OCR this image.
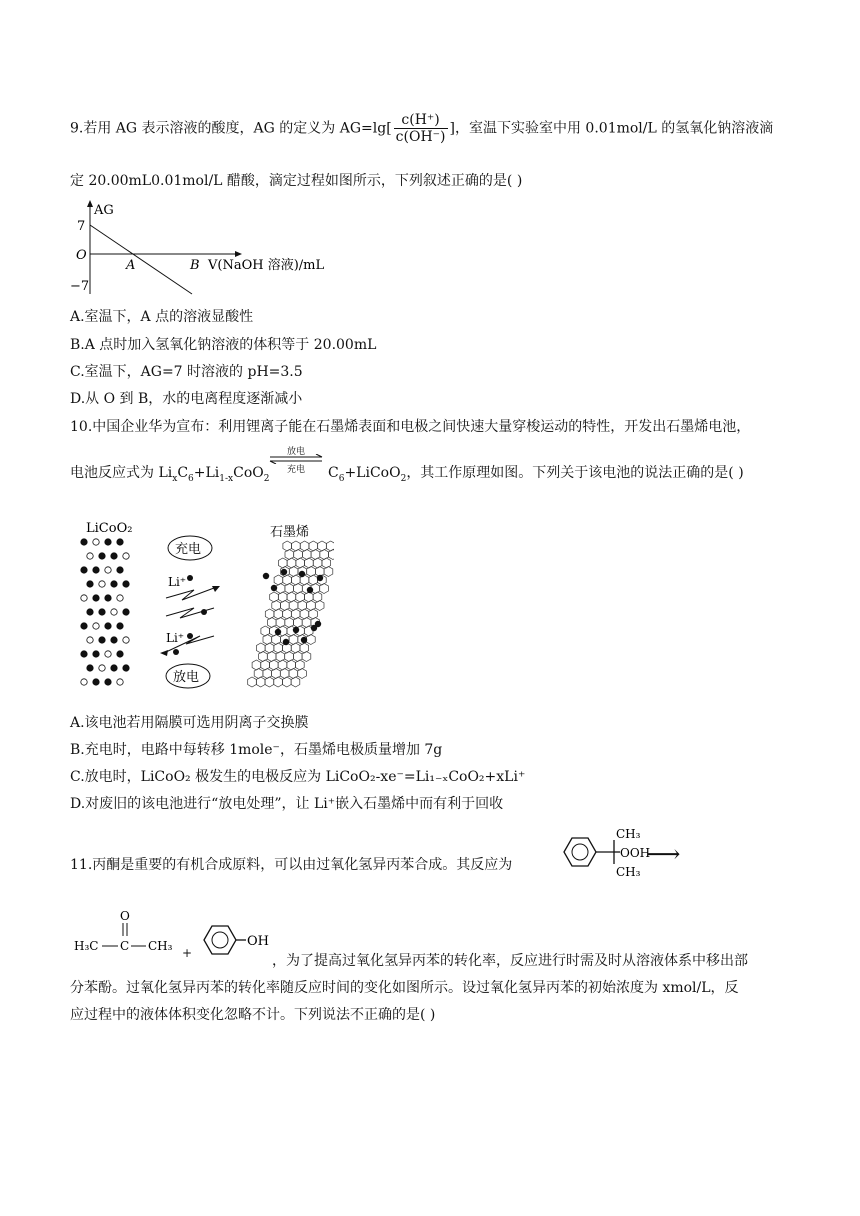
9.若用 AG 表示溶液的酸度，AG 的定义为 $AG=\lg[ \frac{c(H^+)}{c(OH^-)}$ ]，室温下实验室中用 0.01mol/L 的氢氧化钠溶液滴
定 20.00mL0.01mol/L 醋酸，滴定过程如图所示，下列叙述正确的是( )
AG
7
O
−7
A	B V(NaOH 溶液)/mL
A.室温下，A 点的溶液显酸性
B.A 点时加入氢氧化钠溶液的体积等于 20.00mL
C.室温下，AG=7 时溶液的 pH=3.5
D.从 O 到 B，水的电离程度逐渐减小
10.中国企业华为宣布：利用锂离子能在石墨烯表面和电极之间快速大量穿梭运动的特性，开发出石墨烯电池，
电池反应式为 $Li_xC_6+Li_{1-x}CoO_2$
放电
充电	$C_6+LiCoO_2$，其工作原理如图。下列关于该电池的说法正确的是( )
LiCoO₂	石墨烯
充电
放电
Li⁺
Li⁺
A.该电池若用隔膜可选用阴离子交换膜
B.充电时，电路中每转移 1mole⁻，石墨烯电极质量增加 7g
C.放电时，LiCoO₂ 极发生的电极反应为 LiCoO₂-xe⁻=Li₁₋ₓCoO₂+xLi⁺
D.对废旧的该电池进行“放电处理”，让 Li⁺嵌入石墨烯中而有利于回收
11.丙酮是重要的有机合成原料，可以由过氧化氢异丙苯合成。其反应为
CH₃
OOH
CH₃
⟶
O
H₃C C CH₃ +
OH
，为了提高过氧化氢异丙苯的转化率，反应进行时需及时从溶液体系中移出部
分苯酚。过氧化氢异丙苯的转化率随反应时间的变化如图所示。设过氧化氢异丙苯的初始浓度为 xmol/L，反
应过程中的液体体积变化忽略不计。下列说法不正确的是( )
